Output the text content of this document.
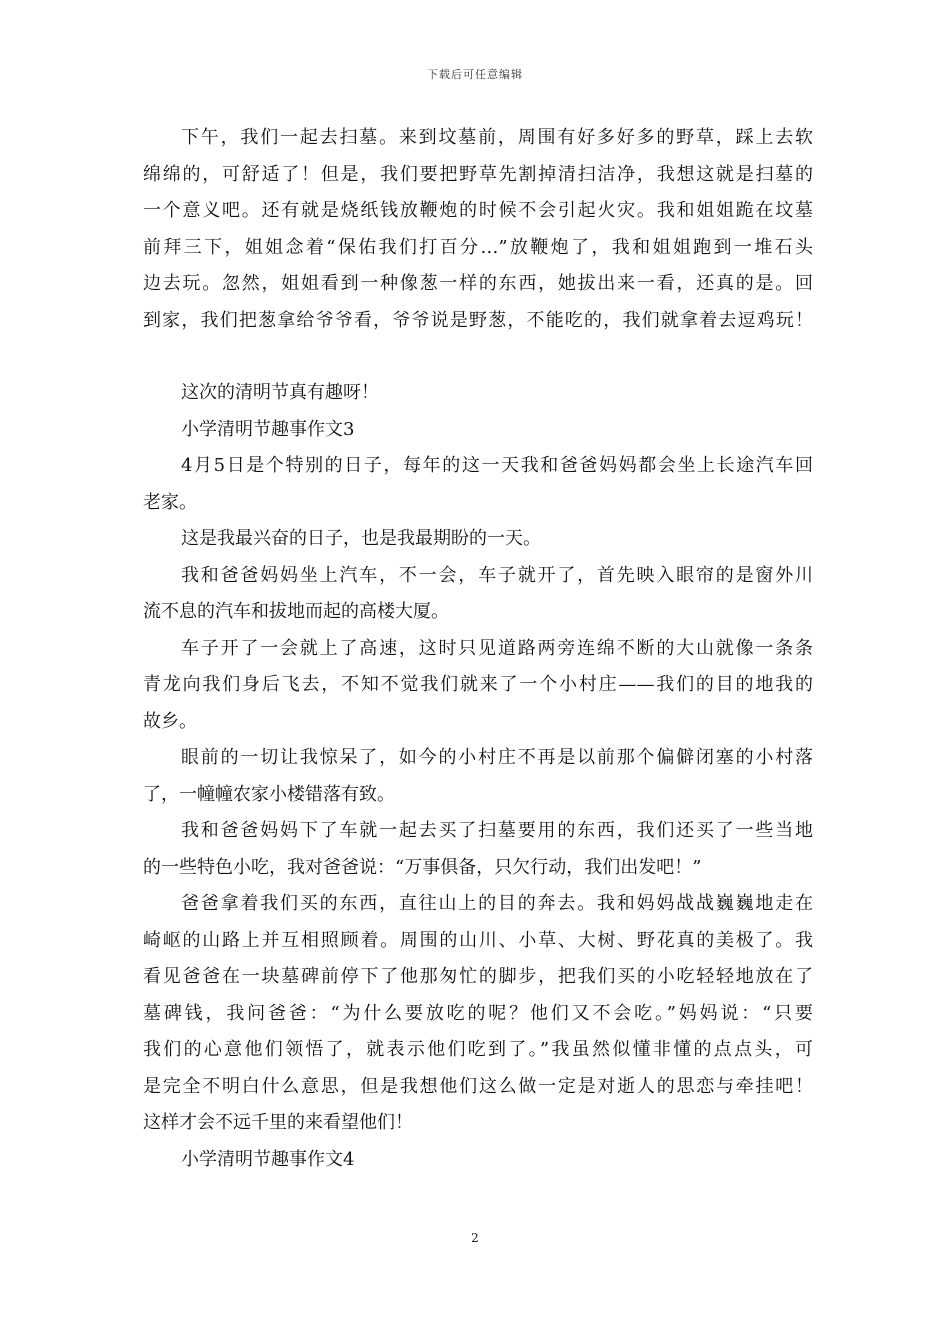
下载后可任意编辑
下午，我们一起去扫墓。来到坟墓前，周围有好多好多的野草，踩上去软
绵绵的，可舒适了！但是，我们要把野草先割掉清扫洁净，我想这就是扫墓的
一个意义吧。还有就是烧纸钱放鞭炮的时候不会引起火灾。我和姐姐跪在坟墓
前拜三下，姐姐念着“保佑我们打百分…”放鞭炮了，我和姐姐跑到一堆石头
边去玩。忽然，姐姐看到一种像葱一样的东西，她拔出来一看，还真的是。回
到家，我们把葱拿给爷爷看，爷爷说是野葱，不能吃的，我们就拿着去逗鸡玩！
这次的清明节真有趣呀！
小学清明节趣事作文3
4月5日是个特别的日子，每年的这一天我和爸爸妈妈都会坐上长途汽车回
老家。
这是我最兴奋的日子，也是我最期盼的一天。
我和爸爸妈妈坐上汽车，不一会，车子就开了，首先映入眼帘的是窗外川
流不息的汽车和拔地而起的高楼大厦。
车子开了一会就上了高速，这时只见道路两旁连绵不断的大山就像一条条
青龙向我们身后飞去，不知不觉我们就来了一个小村庄——我们的目的地我的
故乡。
眼前的一切让我惊呆了，如今的小村庄不再是以前那个偏僻闭塞的小村落
了，一幢幢农家小楼错落有致。
我和爸爸妈妈下了车就一起去买了扫墓要用的东西，我们还买了一些当地
的一些特色小吃，我对爸爸说：“万事俱备，只欠行动，我们出发吧！”
爸爸拿着我们买的东西，直往山上的目的奔去。我和妈妈战战巍巍地走在
崎岖的山路上并互相照顾着。周围的山川、小草、大树、野花真的美极了。我
看见爸爸在一块墓碑前停下了他那匆忙的脚步，把我们买的小吃轻轻地放在了
墓碑钱，我问爸爸：“为什么要放吃的呢？他们又不会吃。”妈妈说：“只要
我们的心意他们领悟了，就表示他们吃到了。”我虽然似懂非懂的点点头，可
是完全不明白什么意思，但是我想他们这么做一定是对逝人的思恋与牵挂吧！
这样才会不远千里的来看望他们！
小学清明节趣事作文4
2
